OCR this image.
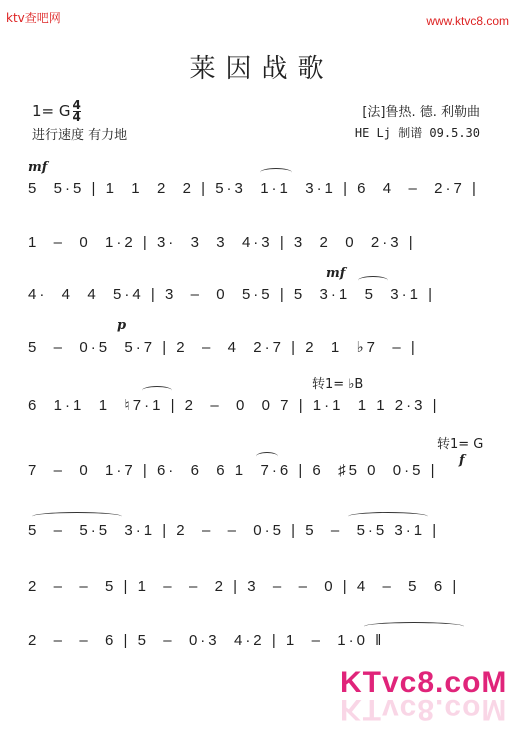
ktv查吧网	www.ktvc8.com
莱因战歌
1= G $\frac{4}{4}$
进行速度 有力地
[法]鲁热. 德. 利勒曲
HE Lj 制谱 09.5.30
mf
mf
p
f
转1= ♭B
转1= G
5  5·5 | 1  1  2  2 | 5·3  1·1  3·1 | 6  4  –  2·7 |
1  –  0  1·2 | 3·  3  3  4·3 | 3  2  0  2·3 |
4·  4  4  5·4 | 3  –  0  5·5 | 5  3·1  5  3·1 |
5  –  0·5  5·7 | 2  –  4  2·7 | 2  1  ♭7  – |
6  1·1  1  ♮7·1 | 2  –  0  0 7 | 1·1  1 1 2·3 |
7  –  0  1·7 | 6·  6  6 1  7·6 | 6  ♯5 0  0·5 |
5  –  5·5  3·1 | 2  –  –  0·5 | 5  –  5·5 3·1 |
2  –  –  5 | 1  –  –  2 | 3  –  –  0 | 4  –  5  6 |
2  –  –  6 | 5  –  0·3  4·2 | 1  –  1·0 ‖
KTvc8.coM
KTvc8.coM
